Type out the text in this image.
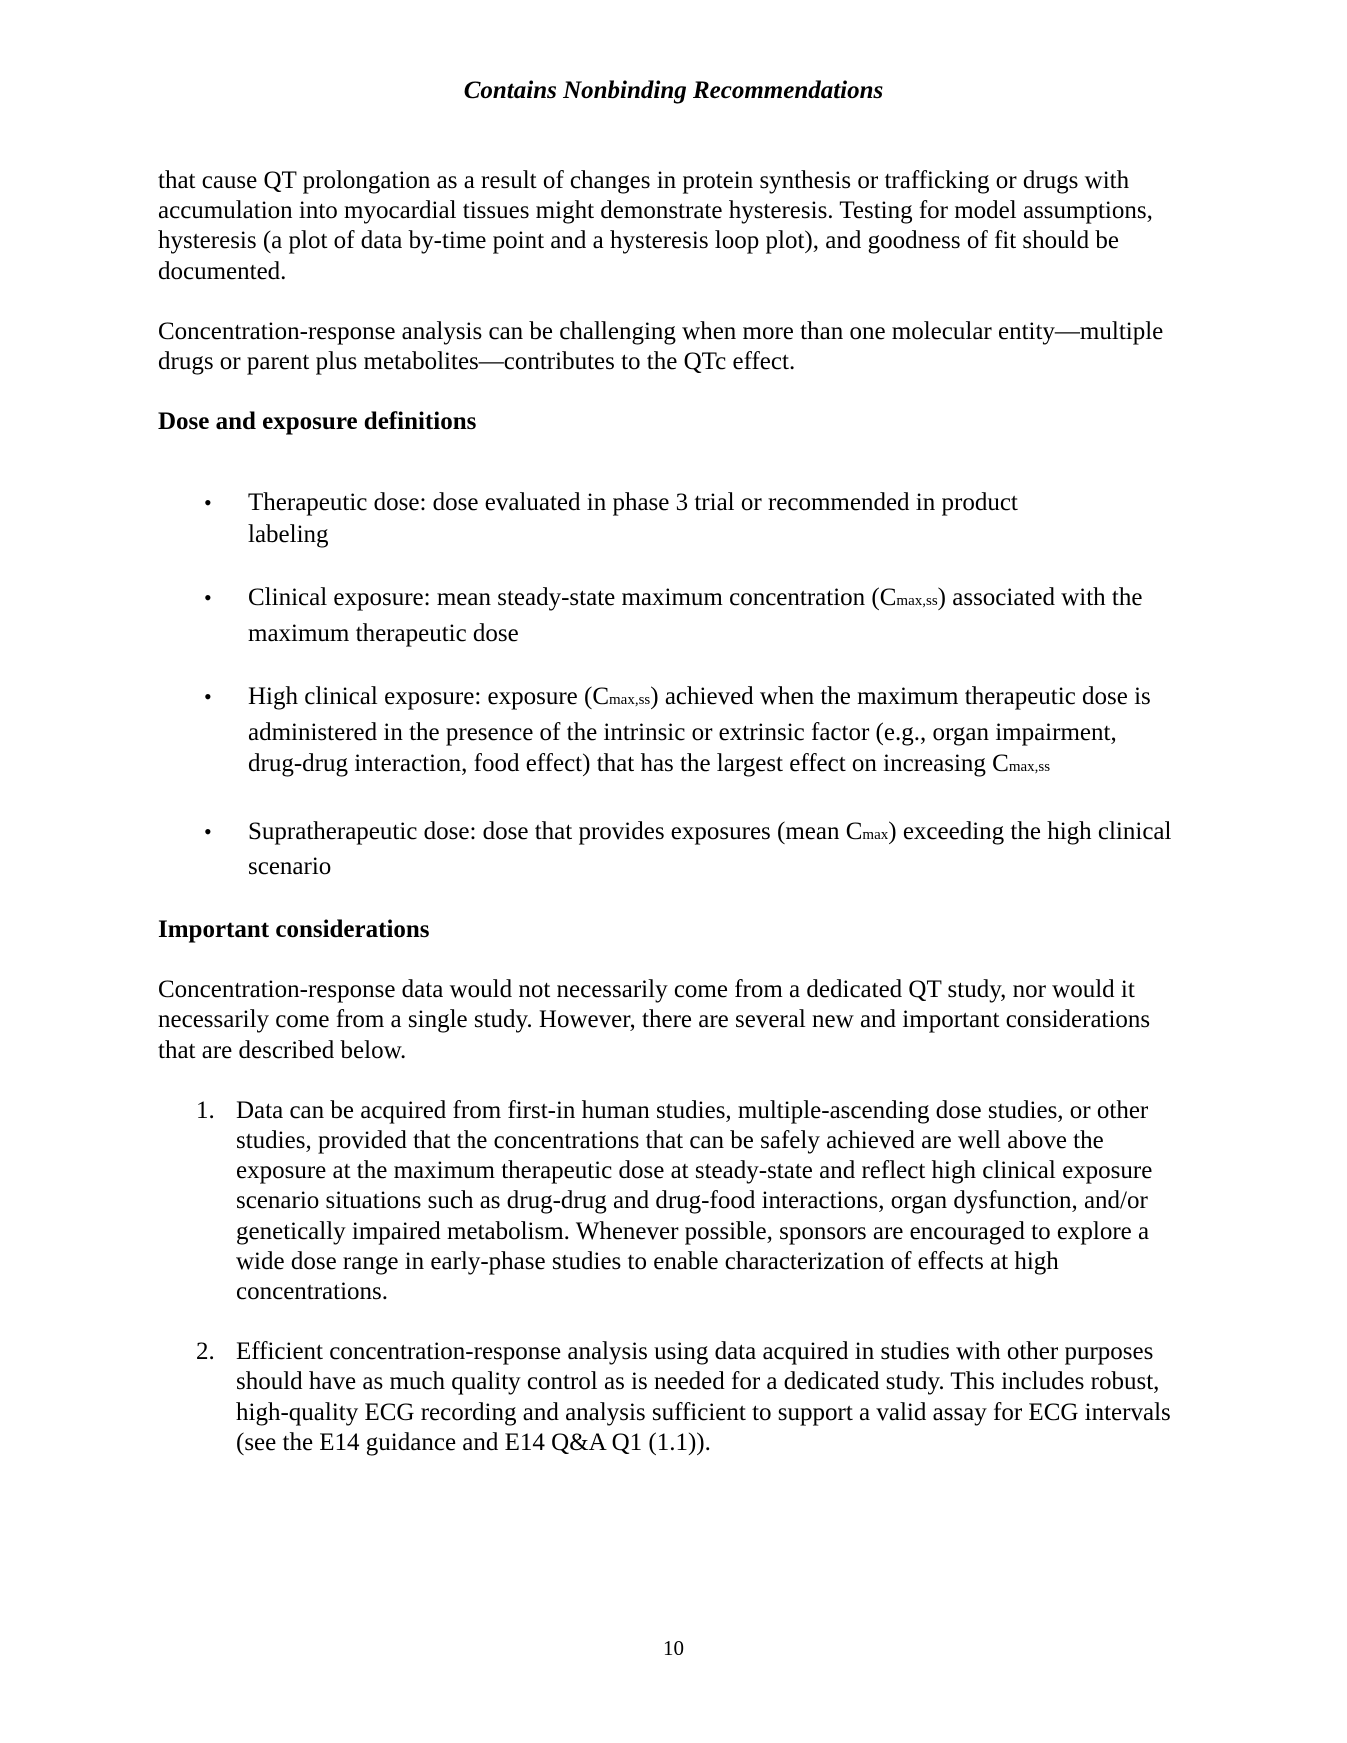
Contains Nonbinding Recommendations

that cause QT prolongation as a result of changes in protein synthesis or trafficking or drugs with accumulation into myocardial tissues might demonstrate hysteresis. Testing for model assumptions, hysteresis (a plot of data by-time point and a hysteresis loop plot), and goodness of fit should be documented.

Concentration-response analysis can be challenging when more than one molecular entity—multiple drugs or parent plus metabolites—contributes to the QTc effect.

Dose and exposure definitions

• Therapeutic dose: dose evaluated in phase 3 trial or recommended in product labeling
• Clinical exposure: mean steady-state maximum concentration (Cmax,ss) associated with the maximum therapeutic dose
• High clinical exposure: exposure (Cmax,ss) achieved when the maximum therapeutic dose is administered in the presence of the intrinsic or extrinsic factor (e.g., organ impairment, drug-drug interaction, food effect) that has the largest effect on increasing Cmax,ss
• Supratherapeutic dose: dose that provides exposures (mean Cmax) exceeding the high clinical scenario

Important considerations

Concentration-response data would not necessarily come from a dedicated QT study, nor would it necessarily come from a single study. However, there are several new and important considerations that are described below.

1. Data can be acquired from first-in human studies, multiple-ascending dose studies, or other studies, provided that the concentrations that can be safely achieved are well above the exposure at the maximum therapeutic dose at steady-state and reflect high clinical exposure scenario situations such as drug-drug and drug-food interactions, organ dysfunction, and/or genetically impaired metabolism. Whenever possible, sponsors are encouraged to explore a wide dose range in early-phase studies to enable characterization of effects at high concentrations.
2. Efficient concentration-response analysis using data acquired in studies with other purposes should have as much quality control as is needed for a dedicated study. This includes robust, high-quality ECG recording and analysis sufficient to support a valid assay for ECG intervals (see the E14 guidance and E14 Q&A Q1 (1.1)).
10
